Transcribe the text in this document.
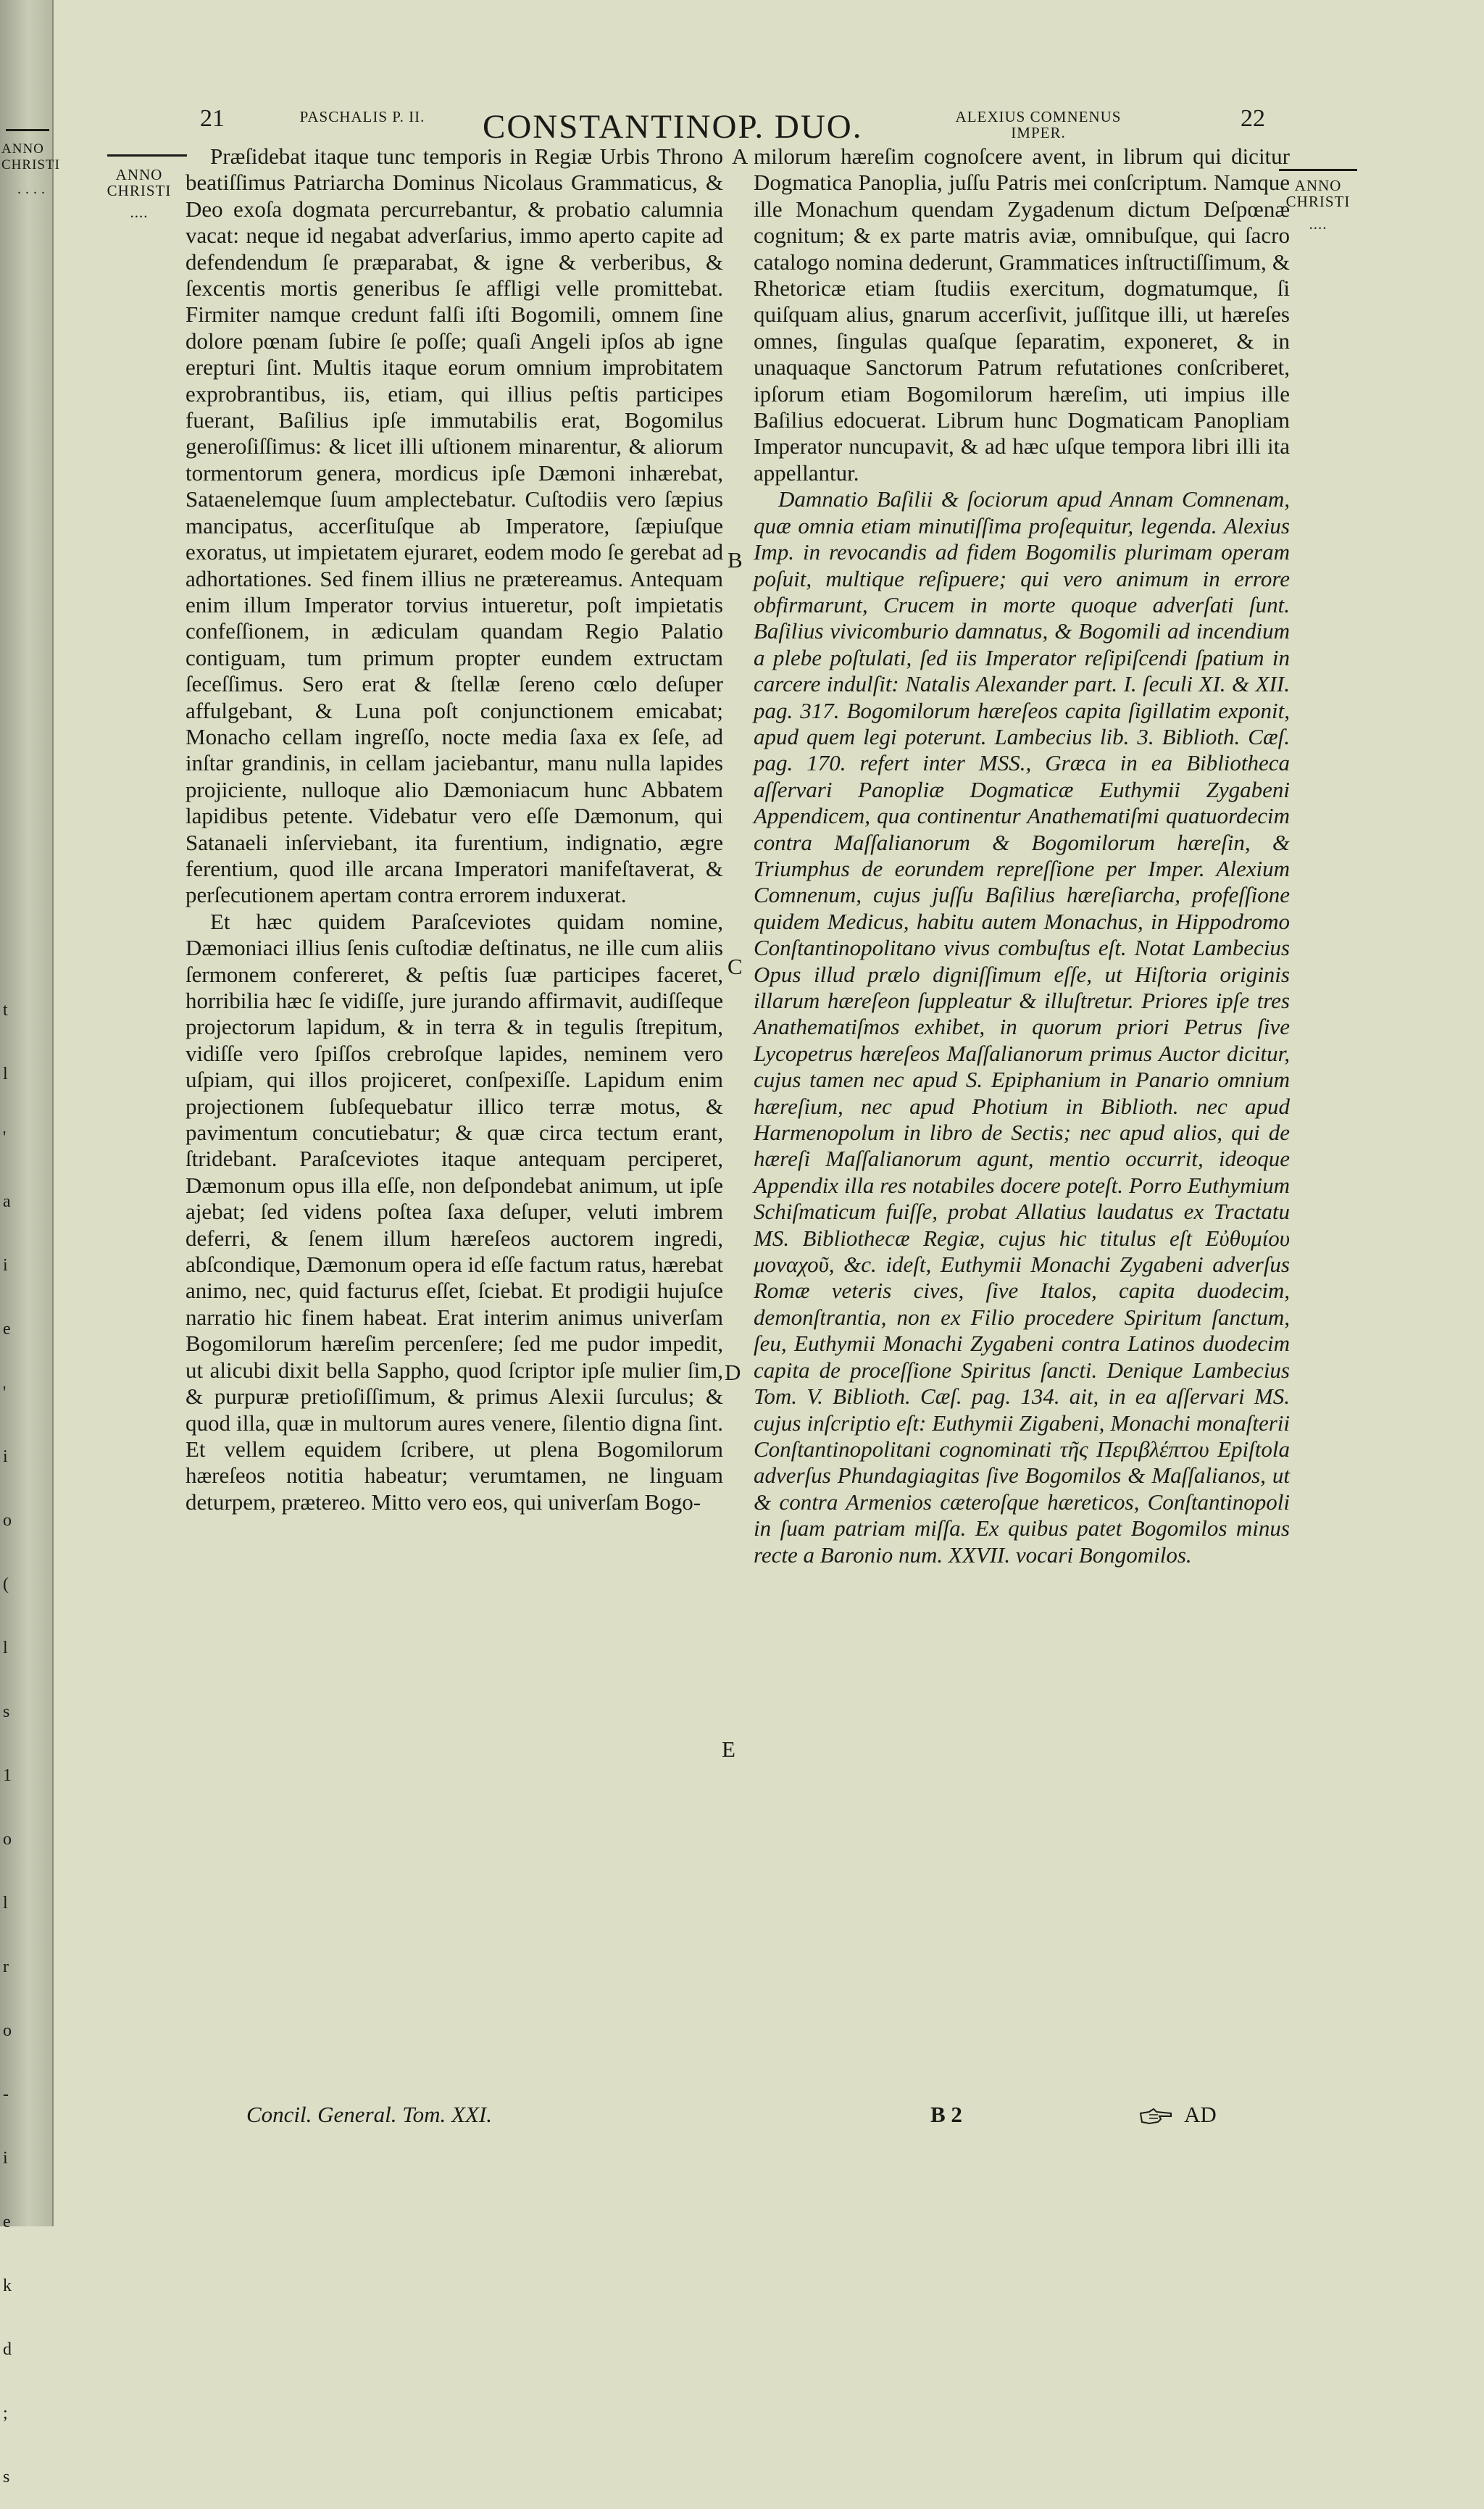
ANNO CHRISTI
....
t
l
'
a
i
e
'
i
o
(
l
s
1
o
l
r
o
-
i
e
k
d
;
s
21	PASCHALIS P. II. CONSTANTINOP. DUO.	ALEXIUS COMNENUS IMPER.
22
ANNO CHRISTI
....
ANNO CHRISTI
....
A
B
C
D
E

Præſidebat itaque tunc temporis in Regiæ Urbis Throno beatiſſimus Patriarcha Dominus Nicolaus Grammaticus, & Deo exoſa dogmata percurrebantur, & probatio calumnia vacat: neque id negabat adverſarius, immo aperto capite ad defendendum ſe præparabat, & igne & verberibus, & ſexcentis mortis generibus ſe affligi velle promittebat. Firmiter namque credunt falſi iſti Bogomili, omnem ſine dolore pœnam ſubire ſe poſſe; quaſi Angeli ipſos ab igne erepturi ſint. Multis itaque eorum omnium improbitatem exprobrantibus, iis, etiam, qui illius peſtis participes fuerant, Baſilius ipſe immutabilis erat, Bogomilus generoſiſſimus: & licet illi uſtionem minarentur, & aliorum tormentorum genera, mordicus ipſe Dæmoni inhærebat, Sataenelemque ſuum amplectebatur. Cuſtodiis vero ſæpius mancipatus, accerſituſque ab Imperatore, ſæpiuſque exoratus, ut impietatem ejuraret, eodem modo ſe gerebat ad adhortationes. Sed finem illius ne prætereamus. Antequam enim illum Imperator torvius intueretur, poſt impietatis confeſſionem, in ædiculam quandam Regio Palatio contiguam, tum primum propter eundem extructam ſeceſſimus. Sero erat & ſtellæ ſereno cœlo deſuper affulgebant, & Luna poſt conjunctionem emicabat; Monacho cellam ingreſſo, nocte media ſaxa ex ſeſe, ad inſtar grandinis, in cellam jaciebantur, manu nulla lapides projiciente, nulloque alio Dæmoniacum hunc Abbatem lapidibus petente. Videbatur vero eſſe Dæmonum, qui Satanaeli inſerviebant, ita furentium, indignatio, ægre ferentium, quod ille arcana Imperatori manifeſtaverat, & perſecutionem apertam contra errorem induxerat.

Et hæc quidem Paraſceviotes quidam nomine, Dæmoniaci illius ſenis cuſtodiæ deſtinatus, ne ille cum aliis ſermonem confereret, & peſtis ſuæ participes faceret, horribilia hæc ſe vidiſſe, jure jurando affirmavit, audiſſeque projectorum lapidum, & in terra & in tegulis ſtrepitum, vidiſſe vero ſpiſſos crebroſque lapides, neminem vero uſpiam, qui illos projiceret, conſpexiſſe. Lapidum enim projectionem ſubſequebatur illico terræ motus, & pavimentum concutiebatur; & quæ circa tectum erant, ſtridebant. Paraſceviotes itaque antequam perciperet, Dæmonum opus illa eſſe, non deſpondebat animum, ut ipſe ajebat; ſed videns poſtea ſaxa deſuper, veluti imbrem deferri, & ſenem illum hæreſeos auctorem ingredi, abſcondique, Dæmonum opera id eſſe factum ratus, hærebat animo, nec, quid facturus eſſet, ſciebat. Et prodigii hujuſce narratio hic finem habeat. Erat interim animus univerſam Bogomilorum hæreſim percenſere; ſed me pudor impedit, ut alicubi dixit bella Sappho, quod ſcriptor ipſe mulier ſim, & purpuræ pretioſiſſimum, & primus Alexii ſurculus; & quod illa, quæ in multorum aures venere, ſilentio digna ſint. Et vellem equidem ſcribere, ut plena Bogomilorum hæreſeos notitia habeatur; verumtamen, ne linguam deturpem, prætereo. Mitto vero eos, qui univerſam Bogo-

milorum hæreſim cognoſcere avent, in librum qui dicitur Dogmatica Panoplia, juſſu Patris mei conſcriptum. Namque ille Monachum quendam Zygadenum dictum Deſpœnæ cognitum; & ex parte matris aviæ, omnibuſque, qui ſacro catalogo nomina dederunt, Grammatices inſtructiſſimum, & Rhetoricæ etiam ſtudiis exercitum, dogmatumque, ſi quiſquam alius, gnarum accerſivit, juſſitque illi, ut hæreſes omnes, ſingulas quaſque ſeparatim, exponeret, & in unaquaque Sanctorum Patrum refutationes conſcriberet, ipſorum etiam Bogomilorum hæreſim, uti impius ille Baſilius edocuerat. Librum hunc Dogmaticam Panopliam Imperator nuncupavit, & ad hæc uſque tempora libri illi ita appellantur.

Damnatio Baſilii & ſociorum apud Annam Comnenam, quæ omnia etiam minutiſſima proſequitur, legenda. Alexius Imp. in revocandis ad fidem Bogomilis plurimam operam poſuit, multique reſipuere; qui vero animum in errore obfirmarunt, Crucem in morte quoque adverſati ſunt. Baſilius vivicomburio damnatus, & Bogomili ad incendium a plebe poſtulati, ſed iis Imperator reſipiſcendi ſpatium in carcere indulſit: Natalis Alexander part. I. ſeculi XI. & XII. pag. 317. Bogomilorum hæreſeos capita ſigillatim exponit, apud quem legi poterunt. Lambecius lib. 3. Biblioth. Cæſ. pag. 170. refert inter MSS., Græca in ea Bibliotheca aſſervari Panopliæ Dogmaticæ Euthymii Zygabeni Appendicem, qua continentur Anathematiſmi quatuordecim contra Maſſalianorum & Bogomilorum hæreſin, & Triumphus de eorundem repreſſione per Imper. Alexium Comnenum, cujus juſſu Baſilius hæreſiarcha, profeſſione quidem Medicus, habitu autem Monachus, in Hippodromo Conſtantinopolitano vivus combuſtus eſt. Notat Lambecius Opus illud prælo digniſſimum eſſe, ut Hiſtoria originis illarum hæreſeon ſuppleatur & illuſtretur. Priores ipſe tres Anathematiſmos exhibet, in quorum priori Petrus ſive Lycopetrus hæreſeos Maſſalianorum primus Auctor dicitur, cujus tamen nec apud S. Epiphanium in Panario omnium hæreſium, nec apud Photium in Biblioth. nec apud Harmenopolum in libro de Sectis; nec apud alios, qui de hæreſi Maſſalianorum agunt, mentio occurrit, ideoque Appendix illa res notabiles docere poteſt. Porro Euthymium Schiſmaticum fuiſſe, probat Allatius laudatus ex Tractatu MS. Bibliothecæ Regiæ, cujus hic titulus eſt Εὐθυμίου μοναχοῦ, &c. ideſt, Euthymii Monachi Zygabeni adverſus Romæ veteris cives, ſive Italos, capita duodecim, demonſtrantia, non ex Filio procedere Spiritum ſanctum, ſeu, Euthymii Monachi Zygabeni contra Latinos duodecim capita de proceſſione Spiritus ſancti. Denique Lambecius Tom. V. Biblioth. Cæſ. pag. 134. ait, in ea aſſervari MS. cujus inſcriptio eſt: Euthymii Zigabeni, Monachi monaſterii Conſtantinopolitani cognominati τῆς Περιβλέπτου Epiſtola adverſus Phundagiagitas ſive Bogomilos & Maſſalianos, ut & contra Armenios cæteroſque hæreticos, Conſtantinopoli in ſuam patriam miſſa. Ex quibus patet Bogomilos minus recte a Baronio num. XXVII. vocari Bongomilos.

Concil. General. Tom. XXI.	B 2	AD
